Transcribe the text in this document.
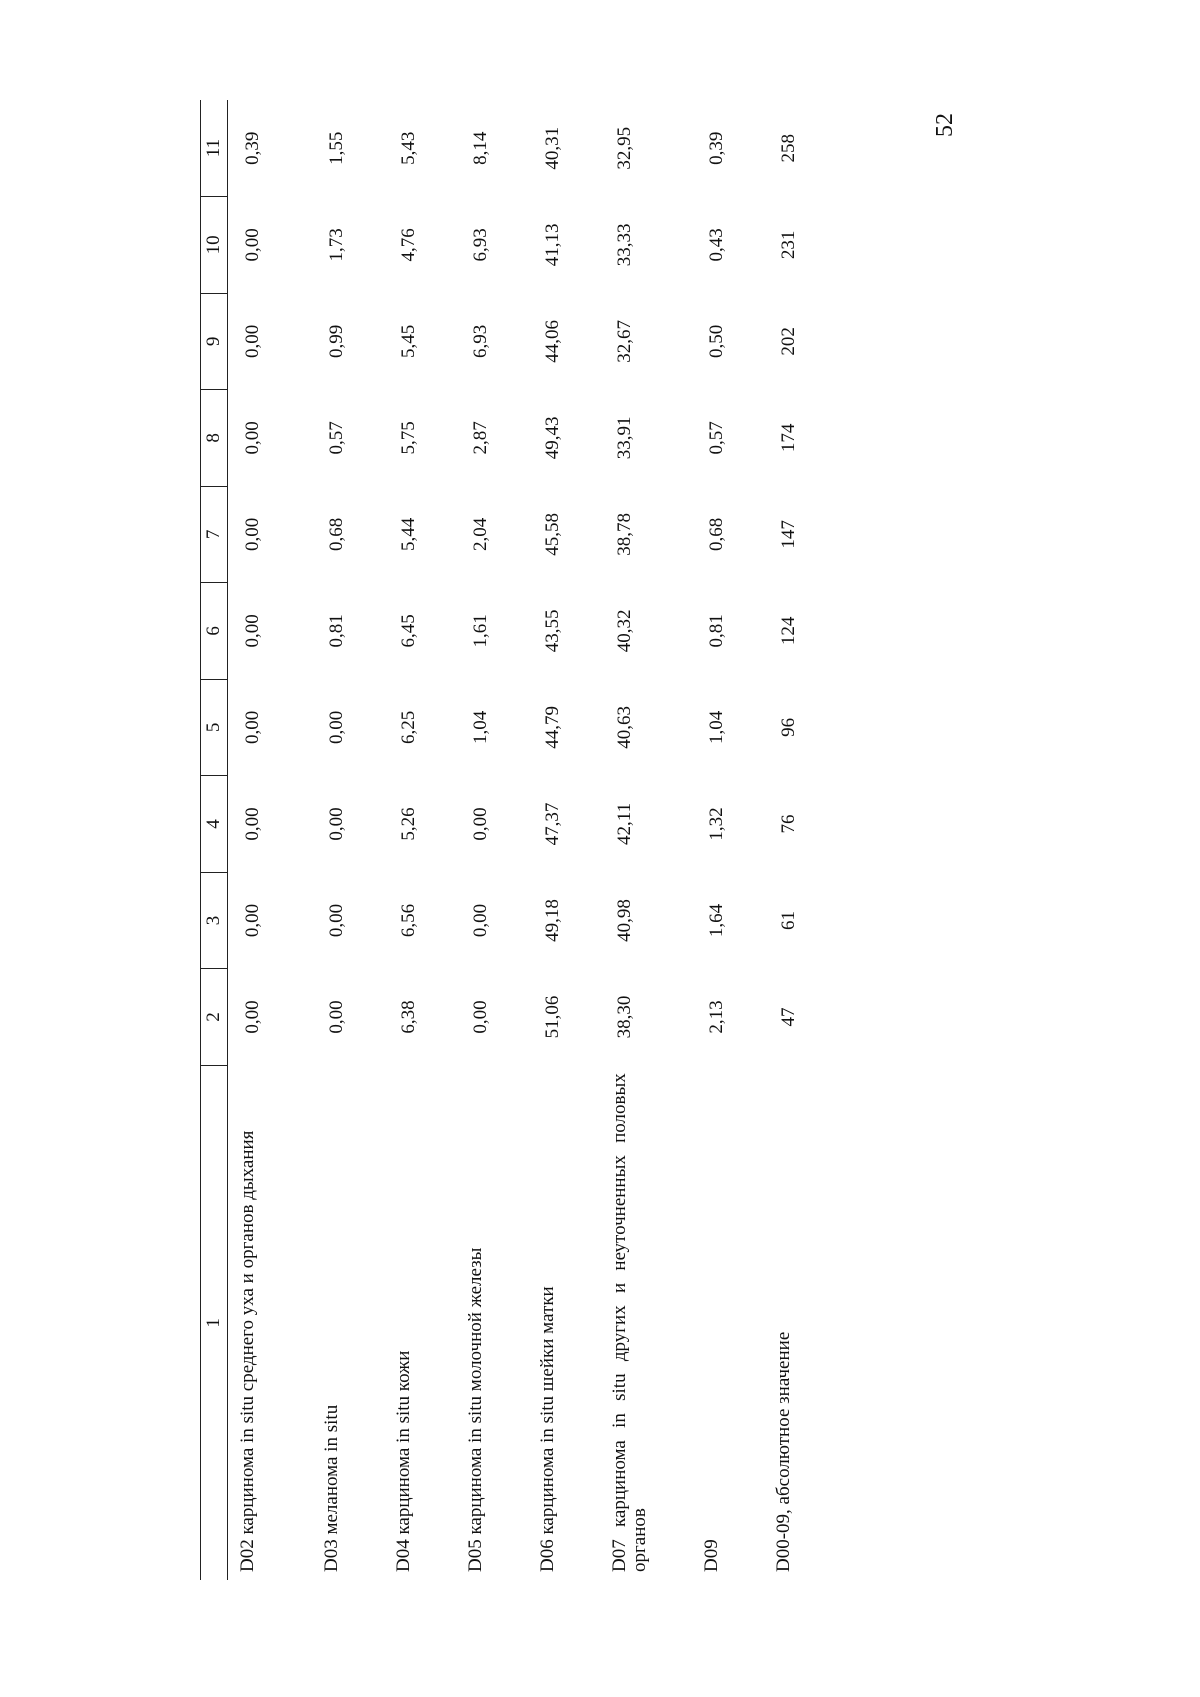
52
1	2	3	4	5	6	7	8	9	10	11
D02 карцинома in situ среднего уха и органов дыхания	0,00	0,00	0,00	0,00	0,00	0,00	0,00	0,00	0,00	0,39
D03 меланома in situ	0,00	0,00	0,00	0,00	0,81	0,68	0,57	0,99	1,73	1,55
D04 карцинома in situ кожи	6,38	6,56	5,26	6,25	6,45	5,44	5,75	5,45	4,76	5,43
D05 карцинома in situ молочной железы	0,00	0,00	0,00	1,04	1,61	2,04	2,87	6,93	6,93	8,14
D06 карцинома in situ шейки матки	51,06	49,18	47,37	44,79	43,55	45,58	49,43	44,06	41,13	40,31
D07 карцинома in situ других и неуточненных половых органов	38,30	40,98	42,11	40,63	40,32	38,78	33,91	32,67	33,33	32,95
D09	2,13	1,64	1,32	1,04	0,81	0,68	0,57	0,50	0,43	0,39
D00-09, абсолютное значение	47	61	76	96	124	147	174	202	231	258
